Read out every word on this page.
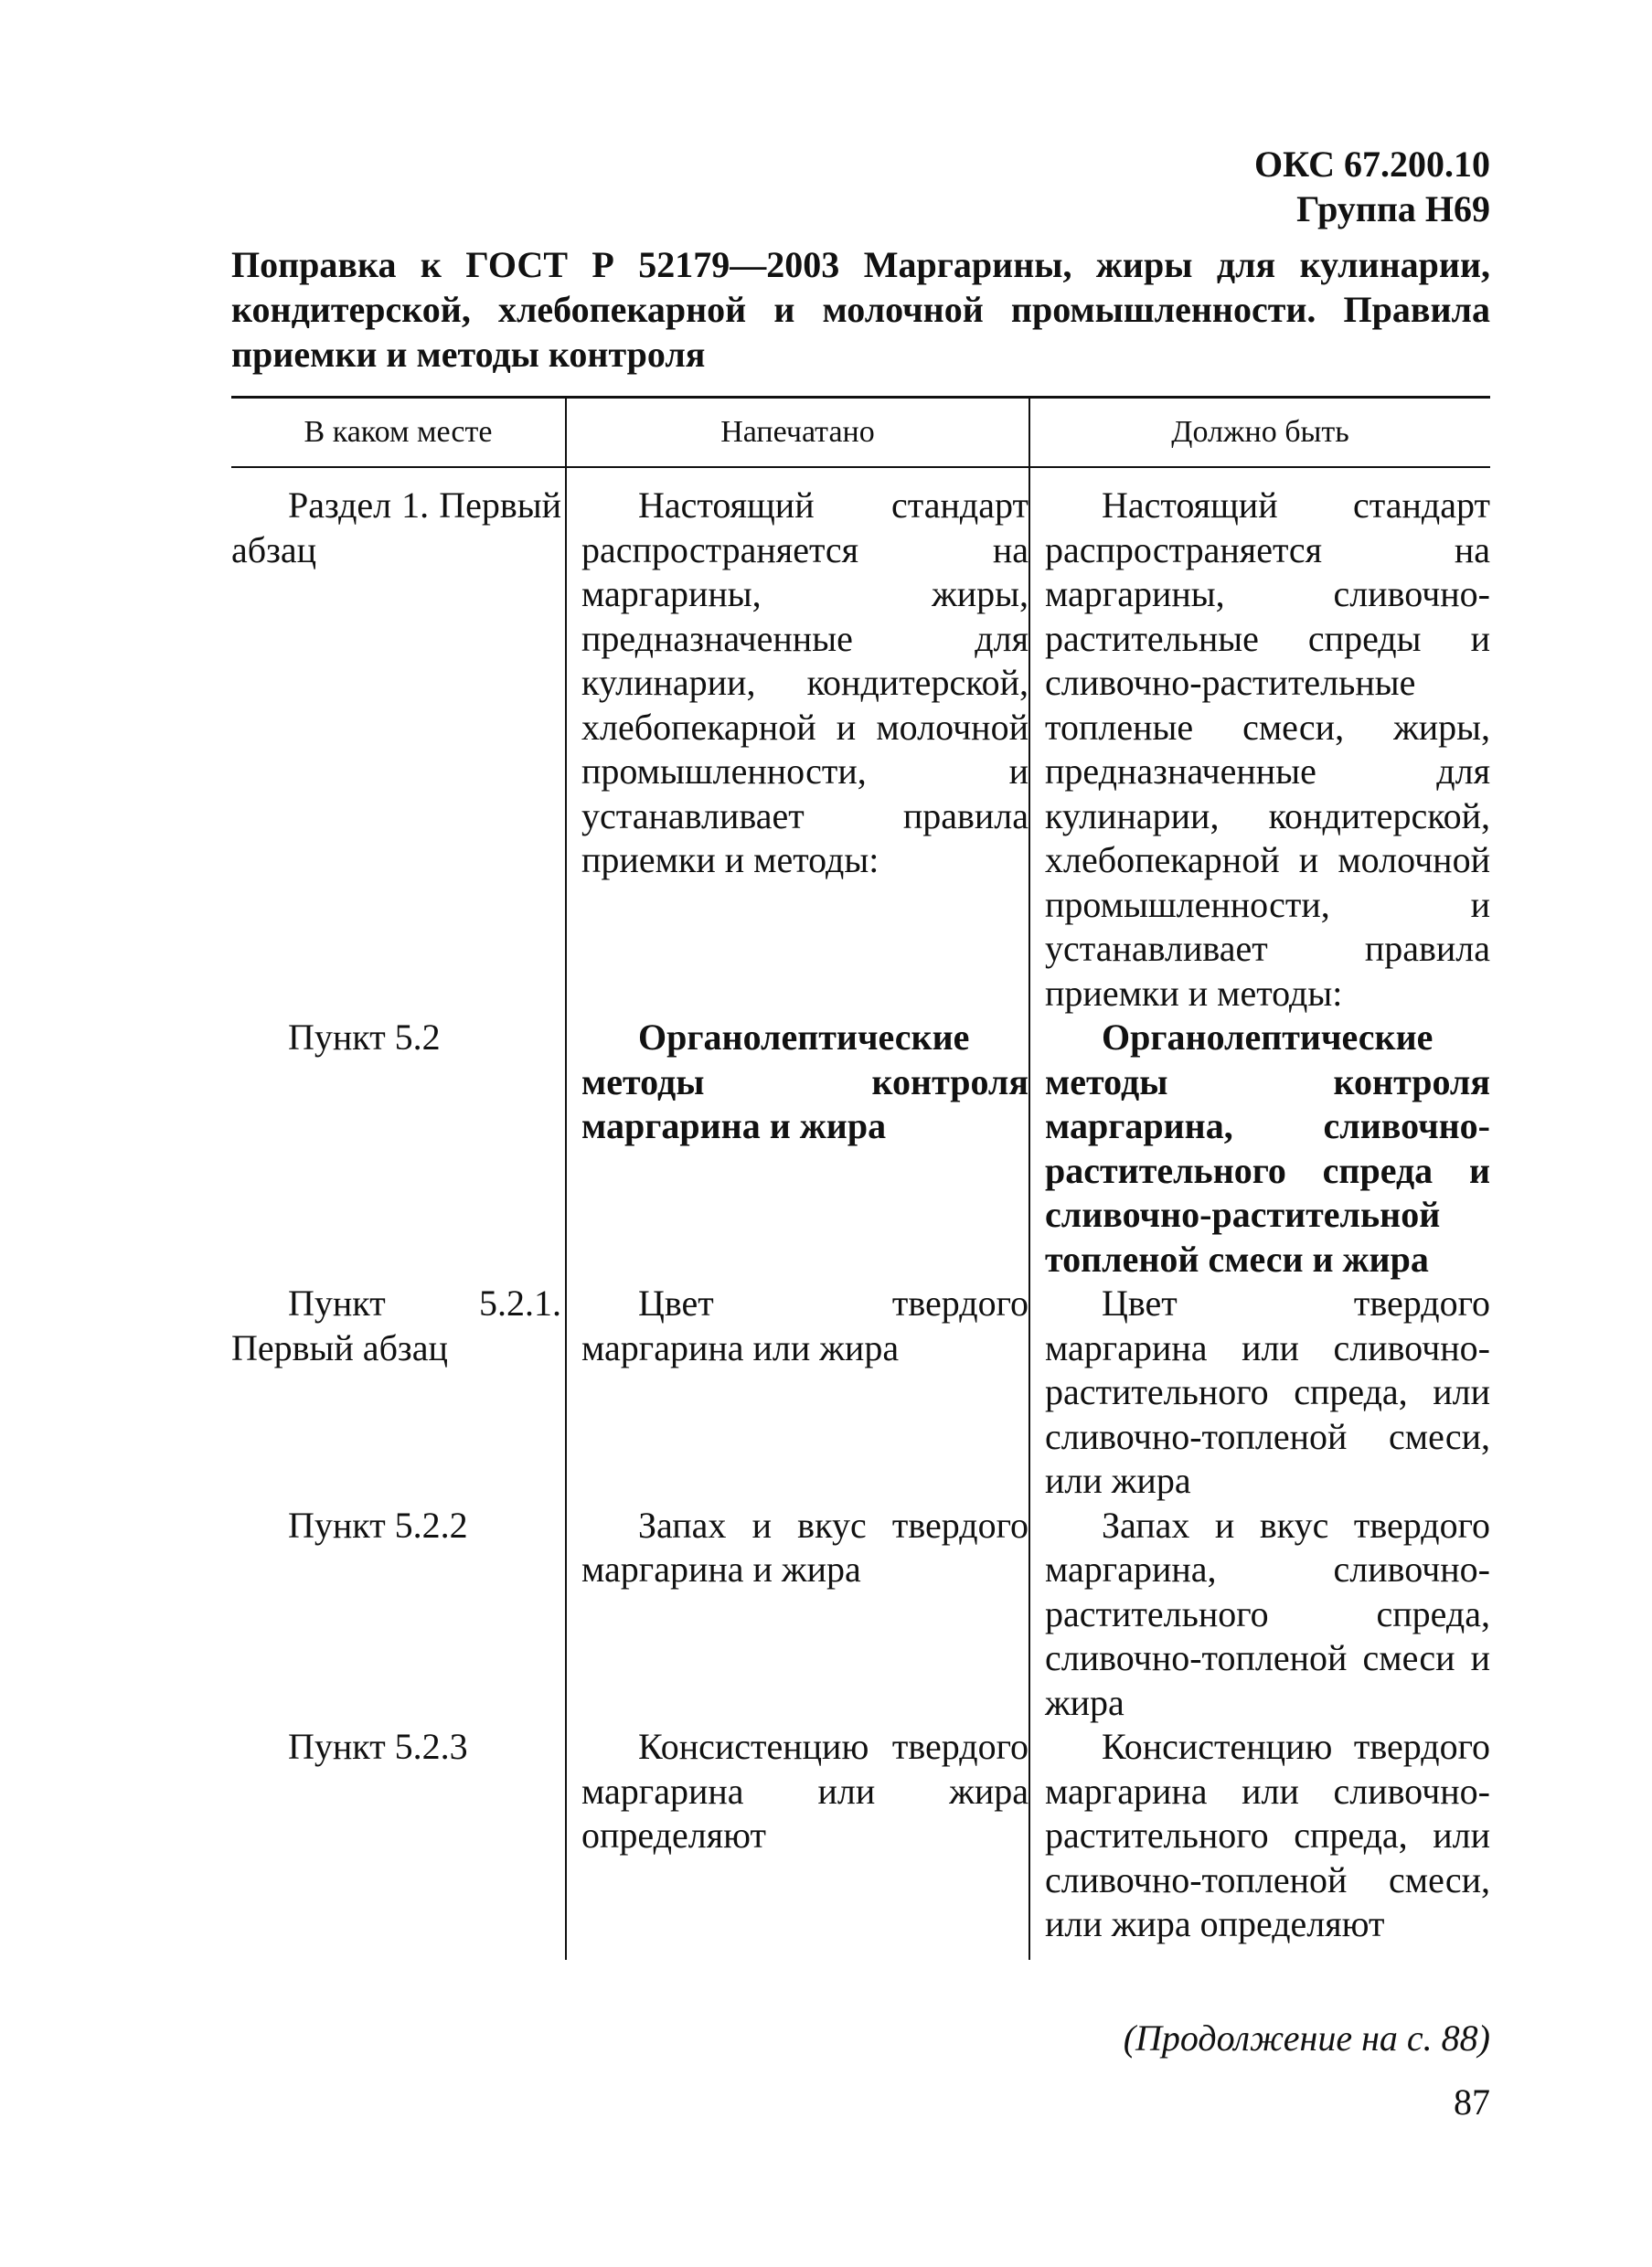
ОКС 67.200.10
Группа Н69

Поправка к ГОСТ Р 52179—2003 Маргарины, жиры для кулинарии, кондитерской, хлебопекарной и молочной промышленности. Правила приемки и методы контроля

В каком месте	Напечатано	Должно быть

Раздел 1. Первый абзац	Настоящий стандарт распространяется на маргарины, жиры, предназначенные для кулинарии, кондитерской, хлебопекарной и молочной промышленности, и устанавливает правила приемки и методы:	Настоящий стандарт распространяется на маргарины, сливочно-растительные спреды и сливочно-растительные топленые смеси, жиры, предназначенные для кулинарии, кондитерской, хлебопекарной и молочной промышленности, и устанавливает правила приемки и методы:

Пункт 5.2	Органолептические методы контроля маргарина и жира	Органолептические методы контроля маргарина, сливочно-растительного спреда и сливочно-растительной топленой смеси и жира

Пункт 5.2.1. Первый абзац	Цвет твердого маргарина или жира	Цвет твердого маргарина или сливочно-растительного спреда, или сливочно-топленой смеси, или жира

Пункт 5.2.2	Запах и вкус твердого маргарина и жира	Запах и вкус твердого маргарина, сливочно-растительного спреда, сливочно-топленой смеси и жира

Пункт 5.2.3	Консистенцию твердого маргарина или жира определяют	Консистенцию твердого маргарина или сливочно-растительного спреда, или сливочно-топленой смеси, или жира определяют
(Продолжение на с. 88)
87
